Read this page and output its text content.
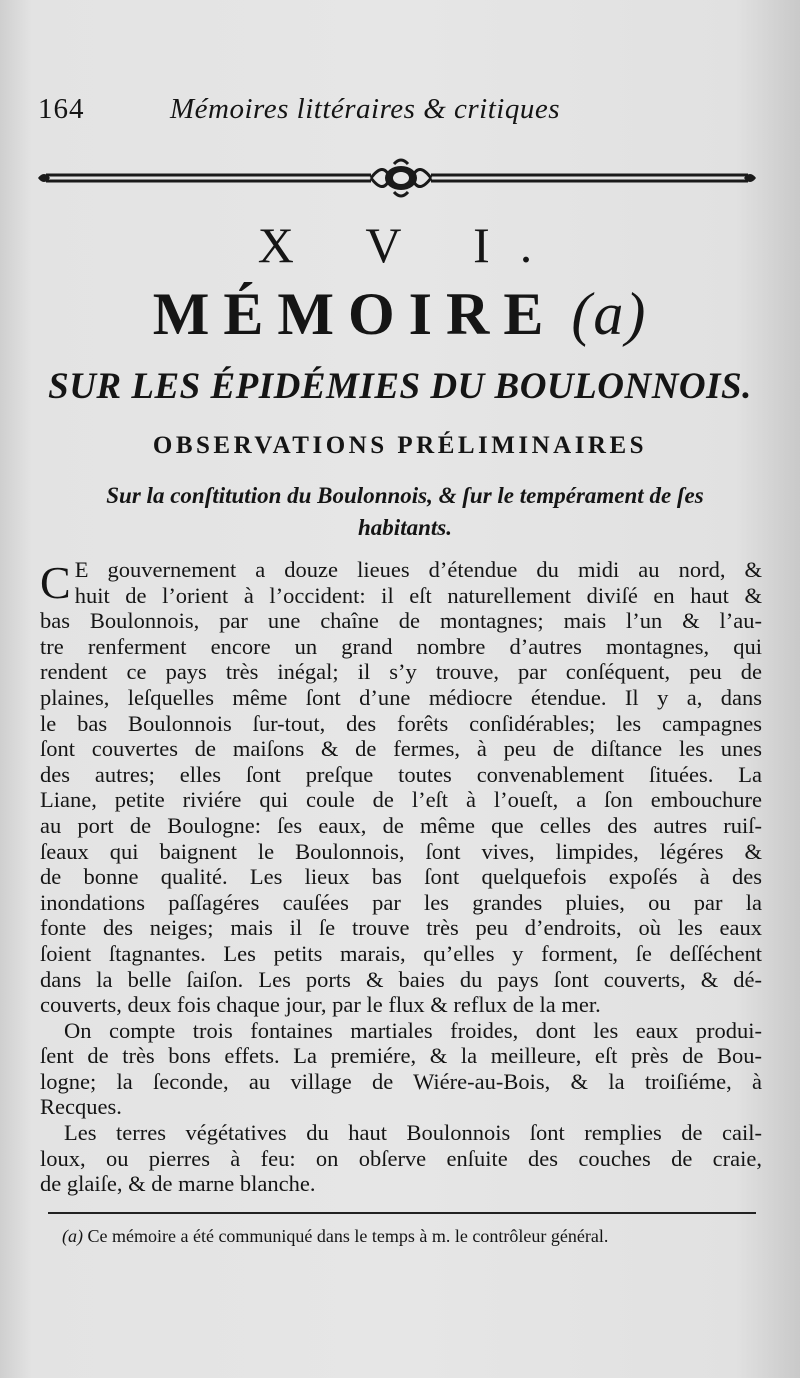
164	Mémoires littéraires & critiques
X V I.
MÉMOIRE (a)
SUR LES ÉPIDÉMIES DU BOULONNOIS.
OBSERVATIONS PRÉLIMINAIRES
Sur la conſtitution du Boulonnois, & ſur le tempérament de ſes
habitants.
C E gouvernement a douze lieues d’étendue du midi au nord, &
huit de l’orient à l’occident: il eſt naturellement diviſé en haut &
bas Boulonnois, par une chaîne de montagnes; mais l’un & l’au-
tre renferment encore un grand nombre d’autres montagnes, qui
rendent ce pays très inégal; il s’y trouve, par conſéquent, peu de
plaines, leſquelles même ſont d’une médiocre étendue. Il y a, dans
le bas Boulonnois ſur-tout, des forêts conſidérables; les campagnes
ſont couvertes de maiſons & de fermes, à peu de diſtance les unes
des autres; elles ſont preſque toutes convenablement ſituées. La
Liane, petite riviére qui coule de l’eſt à l’oueſt, a ſon embouchure
au port de Boulogne: ſes eaux, de même que celles des autres ruiſ-
ſeaux qui baignent le Boulonnois, ſont vives, limpides, légéres &
de bonne qualité. Les lieux bas ſont quelquefois expoſés à des
inondations paſſagéres cauſées par les grandes pluies, ou par la
fonte des neiges; mais il ſe trouve très peu d’endroits, où les eaux
ſoient ſtagnantes. Les petits marais, qu’elles y forment, ſe deſſéchent
dans la belle ſaiſon. Les ports & baies du pays ſont couverts, & dé-
couverts, deux fois chaque jour, par le flux & reflux de la mer.
On compte trois fontaines martiales froides, dont les eaux produi-
ſent de très bons effets. La premiére, & la meilleure, eſt près de Bou-
logne; la ſeconde, au village de Wiére-au-Bois, & la troiſiéme, à
Recques.
Les terres végétatives du haut Boulonnois ſont remplies de cail-
loux, ou pierres à feu: on obſerve enſuite des couches de craie,
de glaiſe, & de marne blanche.
(a) Ce mémoire a été communiqué dans le temps à m. le contrôleur général.
